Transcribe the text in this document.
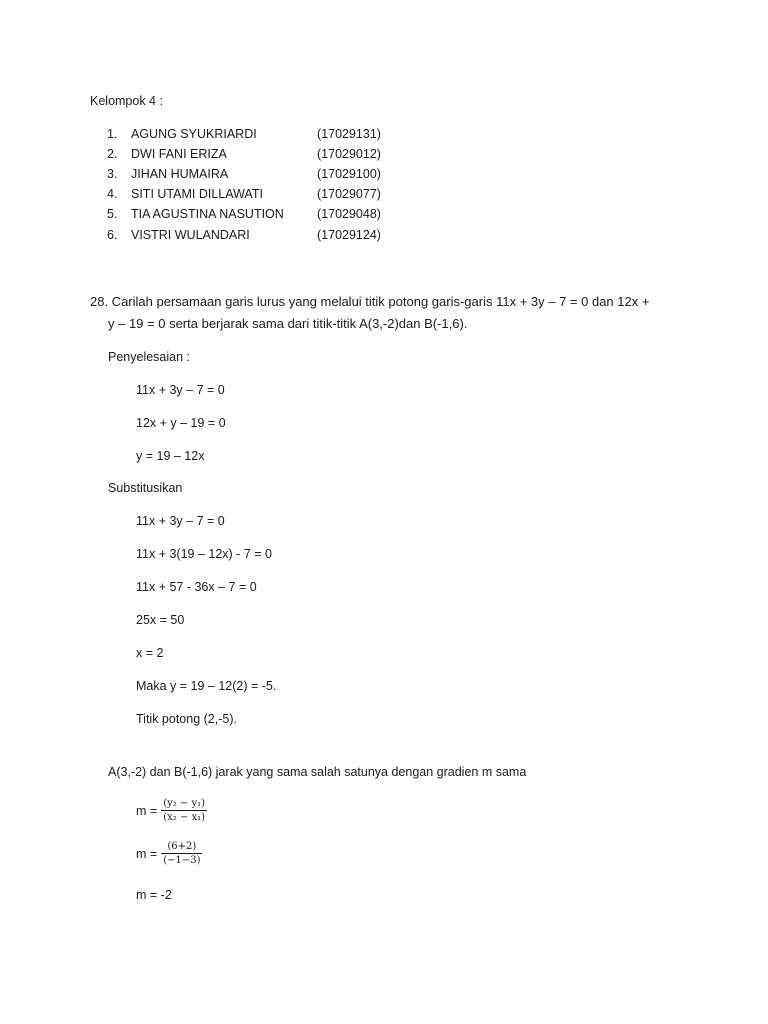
Kelompok 4 :
1. AGUNG SYUKRIARDI	(17029131)
2. DWI FANI ERIZA	(17029012)
3. JIHAN HUMAIRA	(17029100)
4. SITI UTAMI DILLAWATI	(17029077)
5. TIA AGUSTINA NASUTION	(17029048)
6. VISTRI WULANDARI	(17029124)
28. Carilah persamaan garis lurus yang melalui titik potong garis-garis 11x + 3y – 7 = 0 dan 12x +
y – 19 = 0 serta berjarak sama dari titik-titik A(3,-2)dan B(-1,6).
Penyelesaian :
11x + 3y – 7 = 0
12x + y – 19 = 0
y = 19 – 12x
Substitusikan
11x + 3y – 7 = 0
11x + 3(19 – 12x) - 7 = 0
11x + 57 - 36x – 7 = 0
25x = 50
x = 2
Maka y = 19 – 12(2) = -5.
Titik potong (2,-5).
A(3,-2) dan B(-1,6) jarak yang sama salah satunya dengan gradien m sama
$m = \frac{\text{(y₂ − y₁)}}{\text{(x₂ − x₁)}}$
$m = \frac{(6+2)}{(-1-3)}$
m = -2
